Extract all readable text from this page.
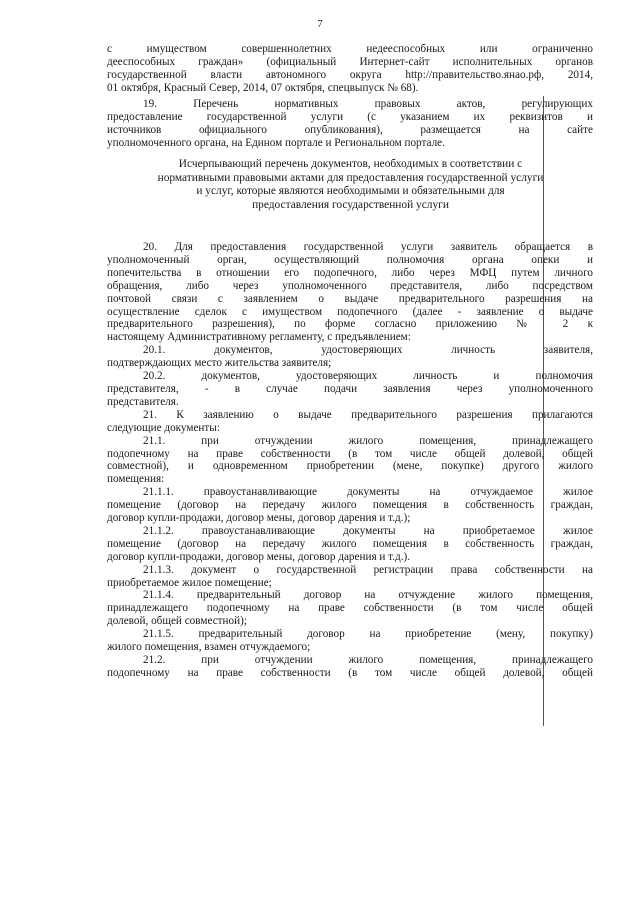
7
с имуществом совершеннолетних недееспособных или ограниченно
дееспособных граждан» (официальный Интернет-сайт исполнительных органов
государственной власти автономного округа http://правительство.янао.рф, 2014,
01 октября, Красный Север, 2014, 07 октября, спецвыпуск № 68).
19. Перечень нормативных правовых актов, регулирующих
предоставление государственной услуги (с указанием их реквизитов и
источников официального опубликования), размещается на сайте
уполномоченного органа, на Едином портале и Региональном портале.
Исчерпывающий перечень документов, необходимых в соответствии с
нормативными правовыми актами для предоставления государственной услуги
и услуг, которые являются необходимыми и обязательными для
предоставления государственной услуги
20. Для предоставления государственной услуги заявитель обращается в
уполномоченный орган, осуществляющий полномочия органа опеки и
попечительства в отношении его подопечного, либо через МФЦ путем личного
обращения, либо через уполномоченного представителя, либо посредством
почтовой связи с заявлением о выдаче предварительного разрешения на
осуществление сделок с имуществом подопечного (далее - заявление о выдаче
предварительного разрешения), по форме согласно приложению № 2 к
настоящему Административному регламенту, с предъявлением:
20.1. документов, удостоверяющих личность заявителя,
подтверждающих место жительства заявителя;
20.2. документов, удостоверяющих личность и полномочия
представителя, - в случае подачи заявления через уполномоченного
представителя.
21. К заявлению о выдаче предварительного разрешения прилагаются
следующие документы:
21.1. при отчуждении жилого помещения, принадлежащего
подопечному на праве собственности (в том числе общей долевой, общей
совместной), и одновременном приобретении (мене, покупке) другого жилого
помещения:
21.1.1. правоустанавливающие документы на отчуждаемое жилое
помещение (договор на передачу жилого помещения в собственность граждан,
договор купли-продажи, договор мены, договор дарения и т.д.);
21.1.2. правоустанавливающие документы на приобретаемое жилое
помещение (договор на передачу жилого помещения в собственность граждан,
договор купли-продажи, договор мены, договор дарения и т.д.).
21.1.3. документ о государственной регистрации права собственности на
приобретаемое жилое помещение;
21.1.4. предварительный договор на отчуждение жилого помещения,
принадлежащего подопечному на праве собственности (в том числе общей
долевой, общей совместной);
21.1.5. предварительный договор на приобретение (мену, покупку)
жилого помещения, взамен отчуждаемого;
21.2. при отчуждении жилого помещения, принадлежащего
подопечному на праве собственности (в том числе общей долевой, общей
